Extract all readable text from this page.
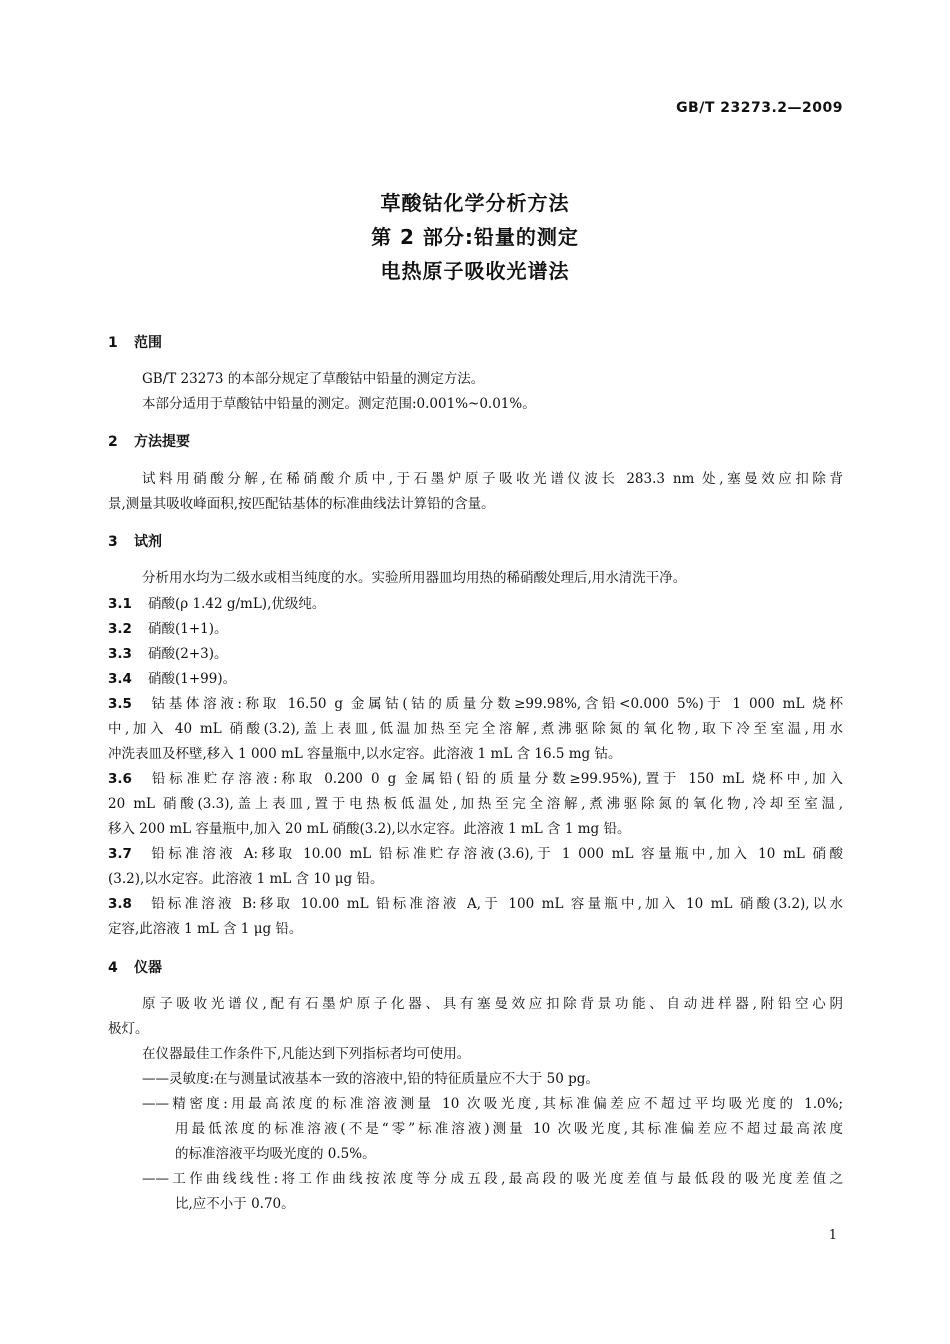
GB/T 23273.2—2009
草酸钴化学分析方法
第 2 部分:铅量的测定
电热原子吸收光谱法
1 范围
GB/T 23273 的本部分规定了草酸钴中铅量的测定方法。
本部分适用于草酸钴中铅量的测定。测定范围:0.001%~0.01%。
2 方法提要
试料用硝酸分解,在稀硝酸介质中,于石墨炉原子吸收光谱仪波长 283.3 nm 处,塞曼效应扣除背
景,测量其吸收峰面积,按匹配钴基体的标准曲线法计算铅的含量。
3 试剂
分析用水均为二级水或相当纯度的水。实验所用器皿均用热的稀硝酸处理后,用水清洗干净。
3.1 硝酸(ρ 1.42 g/mL),优级纯。
3.2 硝酸(1+1)。
3.3 硝酸(2+3)。
3.4 硝酸(1+99)。
3.5 钴基体溶液:称取 16.50 g 金属钴(钴的质量分数≥99.98%,含铅<0.000 5%)于 1 000 mL 烧杯
中,加入 40 mL 硝酸(3.2),盖上表皿,低温加热至完全溶解,煮沸驱除氮的氧化物,取下冷至室温,用水
冲洗表皿及杯壁,移入 1 000 mL 容量瓶中,以水定容。此溶液 1 mL 含 16.5 mg 钴。
3.6 铅标准贮存溶液:称取 0.200 0 g 金属铅(铅的质量分数≥99.95%),置于 150 mL 烧杯中,加入
20 mL 硝酸(3.3),盖上表皿,置于电热板低温处,加热至完全溶解,煮沸驱除氮的氧化物,冷却至室温,
移入 200 mL 容量瓶中,加入 20 mL 硝酸(3.2),以水定容。此溶液 1 mL 含 1 mg 铅。
3.7 铅标准溶液 A:移取 10.00 mL 铅标准贮存溶液(3.6),于 1 000 mL 容量瓶中,加入 10 mL 硝酸
(3.2),以水定容。此溶液 1 mL 含 10 μg 铅。
3.8 铅标准溶液 B:移取 10.00 mL 铅标准溶液 A,于 100 mL 容量瓶中,加入 10 mL 硝酸(3.2),以水
定容,此溶液 1 mL 含 1 μg 铅。
4 仪器
原子吸收光谱仪,配有石墨炉原子化器、具有塞曼效应扣除背景功能、自动进样器,附铅空心阴
极灯。
在仪器最佳工作条件下,凡能达到下列指标者均可使用。
——灵敏度:在与测量试液基本一致的溶液中,铅的特征质量应不大于 50 pg。
——精密度:用最高浓度的标准溶液测量 10 次吸光度,其标准偏差应不超过平均吸光度的 1.0%;
用最低浓度的标准溶液(不是“零”标准溶液)测量 10 次吸光度,其标准偏差应不超过最高浓度
的标准溶液平均吸光度的 0.5%。
——工作曲线线性:将工作曲线按浓度等分成五段,最高段的吸光度差值与最低段的吸光度差值之
比,应不小于 0.70。
1
